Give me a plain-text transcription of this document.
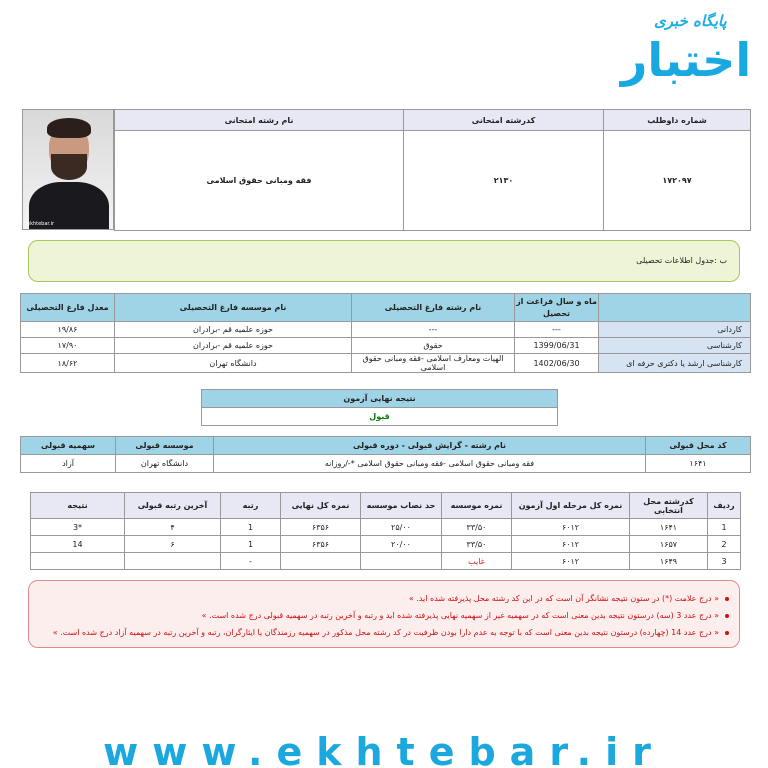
پایگاه خبری
اختبار
ekhtebar.ir
شماره داوطلب	کدرشته امتحانی	نام رشته امتحانی
۱۷۲۰۹۷	۲۱۳۰	فقه ومبانی حقوق اسلامی
ب :جدول اطلاعات تحصیلی
	ماه و سال فراغت از تحصیل	نام رشته فارغ التحصیلی	نام موسسه فارغ التحصیلی	معدل فارغ التحصیلی
کاردانی	---	---	حوزه علمیه قم -برادران	۱۹/۸۶
کارشناسی	1399/06/31	حقوق	حوزه علمیه قم -برادران	۱۷/۹۰
کارشناسی ارشد یا دکتری حرفه ای	1402/06/30	الهیات ومعارف اسلامی -فقه ومبانی حقوق اسلامی	دانشگاه تهران	۱۸/۶۲
نتیجه نهایی آزمون
قبول
کد محل قبولی	نام رشته - گرایش قبولی - دوره قبولی	موسسه قبولی	سهمیه قبولی
۱۶۴۱	فقه ومبانی حقوق اسلامی -فقه ومبانی حقوق اسلامی *-/روزانه	دانشگاه تهران	آزاد
ردیف	کدرشته محل انتخابی	نمره کل مرحله اول آزمون	نمره موسسه	حد نصاب موسسه	نمره کل نهایی	رتبه	آخرین رتبه قبولی	نتیجه
1	۱۶۴۱	۶۰۱۲	۳۳/۵۰	۲۵/۰۰	۶۳۵۶	1	۴	*3
2	۱۶۵۷	۶۰۱۲	۳۳/۵۰	۲۰/۰۰	۶۳۵۶	1	۶	14
3	۱۶۴۹	۶۰۱۲	غایب			-		
« درج علامت (*) در ستون نتیجه نشانگر آن است که در این کد رشته محل پذیرفته شده اید. »
« درج عدد 3 (سه) درستون نتیجه بدین معنی است که در سهمیه غیر از سهمیه نهایی پذیرفته شده اید و رتبه و آخرین رتبه در سهمیه قبولی درج شده است. »
« درج عدد 14 (چهارده) درستون نتیجه بدین معنی است که با توجه به عدم دارا بودن ظرفیت در کد رشته محل مذکور در سهمیه رزمندگان یا ایثارگران، رتبه و آخرین رتبه در سهمیه آزاد درج شده است. »
www.ekhtebar.ir
